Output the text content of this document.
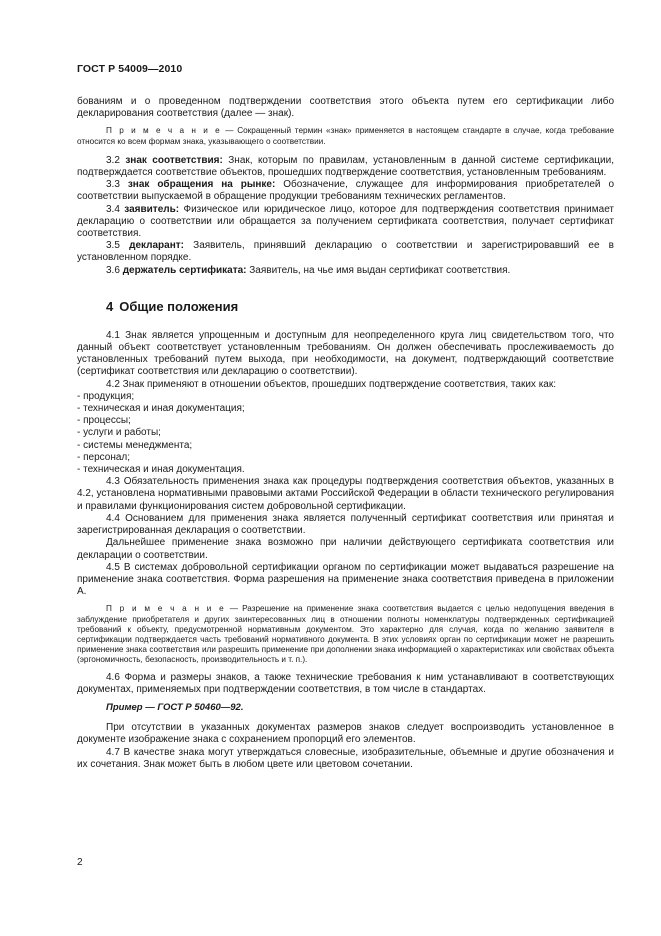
ГОСТ Р 54009—2010

бованиям и о проведенном подтверждении соответствия этого объекта путем его сертификации либо декларирования соответствия (далее — знак).

П р и м е ч а н и е — Сокращенный термин «знак» применяется в настоящем стандарте в случае, когда требование относится ко всем формам знака, указывающего о соответствии.

3.2 знак соответствия: Знак, которым по правилам, установленным в данной системе сертификации, подтверждается соответствие объектов, прошедших подтверждение соответствия, установленным требованиям.

3.3 знак обращения на рынке: Обозначение, служащее для информирования приобретателей о соответствии выпускаемой в обращение продукции требованиям технических регламентов.

3.4 заявитель: Физическое или юридическое лицо, которое для подтверждения соответствия принимает декларацию о соответствии или обращается за получением сертификата соответствия, получает сертификат соответствия.

3.5 декларант: Заявитель, принявший декларацию о соответствии и зарегистрировавший ее в установленном порядке.

3.6 держатель сертификата: Заявитель, на чье имя выдан сертификат соответствия.

4 Общие положения

4.1 Знак является упрощенным и доступным для неопределенного круга лиц свидетельством того, что данный объект соответствует установленным требованиям. Он должен обеспечивать прослеживаемость до установленных требований путем выхода, при необходимости, на документ, подтверждающий соответствие (сертификат соответствия или декларацию о соответствии).

4.2 Знак применяют в отношении объектов, прошедших подтверждение соответствия, таких как:

- продукция;

- техническая и иная документация;

- процессы;

- услуги и работы;

- системы менеджмента;

- персонал;

- техническая и иная документация.

4.3 Обязательность применения знака как процедуры подтверждения соответствия объектов, указанных в 4.2, установлена нормативными правовыми актами Российской Федерации в области технического регулирования и правилами функционирования систем добровольной сертификации.

4.4 Основанием для применения знака является полученный сертификат соответствия или принятая и зарегистрированная декларация о соответствии.

Дальнейшее применение знака возможно при наличии действующего сертификата соответствия или декларации о соответствии.

4.5 В системах добровольной сертификации органом по сертификации может выдаваться разрешение на применение знака соответствия. Форма разрешения на применение знака соответствия приведена в приложении А.

П р и м е ч а н и е — Разрешение на применение знака соответствия выдается с целью недопущения введения в заблуждение приобретателя и других заинтересованных лиц в отношении полноты номенклатуры подтвержденных сертификацией требований к объекту, предусмотренной нормативным документом. Это характерно для случая, когда по желанию заявителя в сертификации подтверждается часть требований нормативного документа. В этих условиях орган по сертификации может не разрешить применение знака соответствия или разрешить применение при дополнении знака информацией о характеристиках или свойствах объекта (эргономичность, безопасность, производительность и т. п.).

4.6 Форма и размеры знаков, а также технические требования к ним устанавливают в соответствующих документах, применяемых при подтверждении соответствия, в том числе в стандартах.

Пример — ГОСТ Р 50460—92.

При отсутствии в указанных документах размеров знаков следует воспроизводить установленное в документе изображение знака с сохранением пропорций его элементов.

4.7 В качестве знака могут утверждаться словесные, изобразительные, объемные и другие обозначения и их сочетания. Знак может быть в любом цвете или цветовом сочетании.

2
